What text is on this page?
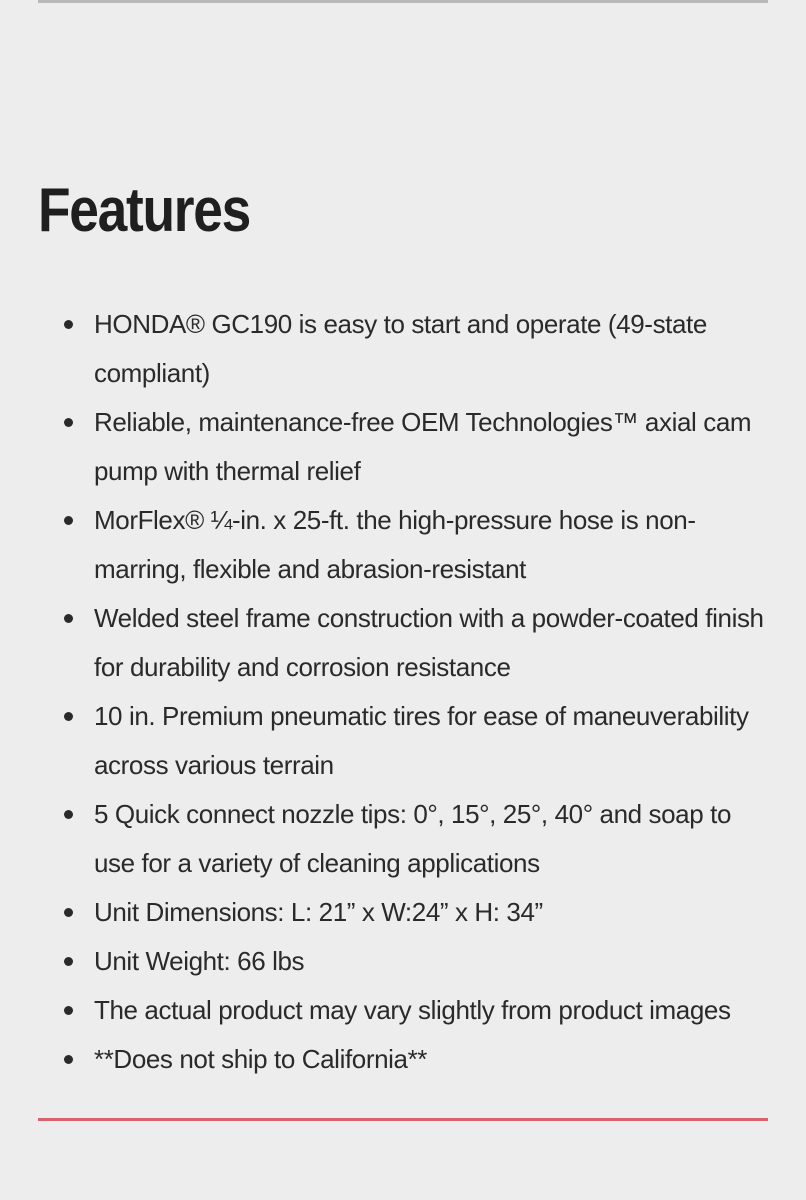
Features
HONDA® GC190 is easy to start and operate (49-state compliant)
Reliable, maintenance-free OEM Technologies™ axial cam pump with thermal relief
MorFlex® ¼-in. x 25-ft. the high-pressure hose is non-marring, flexible and abrasion-resistant
Welded steel frame construction with a powder-coated finish for durability and corrosion resistance
10 in. Premium pneumatic tires for ease of maneuverability across various terrain
5 Quick connect nozzle tips: 0°, 15°, 25°, 40° and soap to use for a variety of cleaning applications
Unit Dimensions: L: 21” x W:24” x H: 34”
Unit Weight: 66 lbs
The actual product may vary slightly from product images
**Does not ship to California**
